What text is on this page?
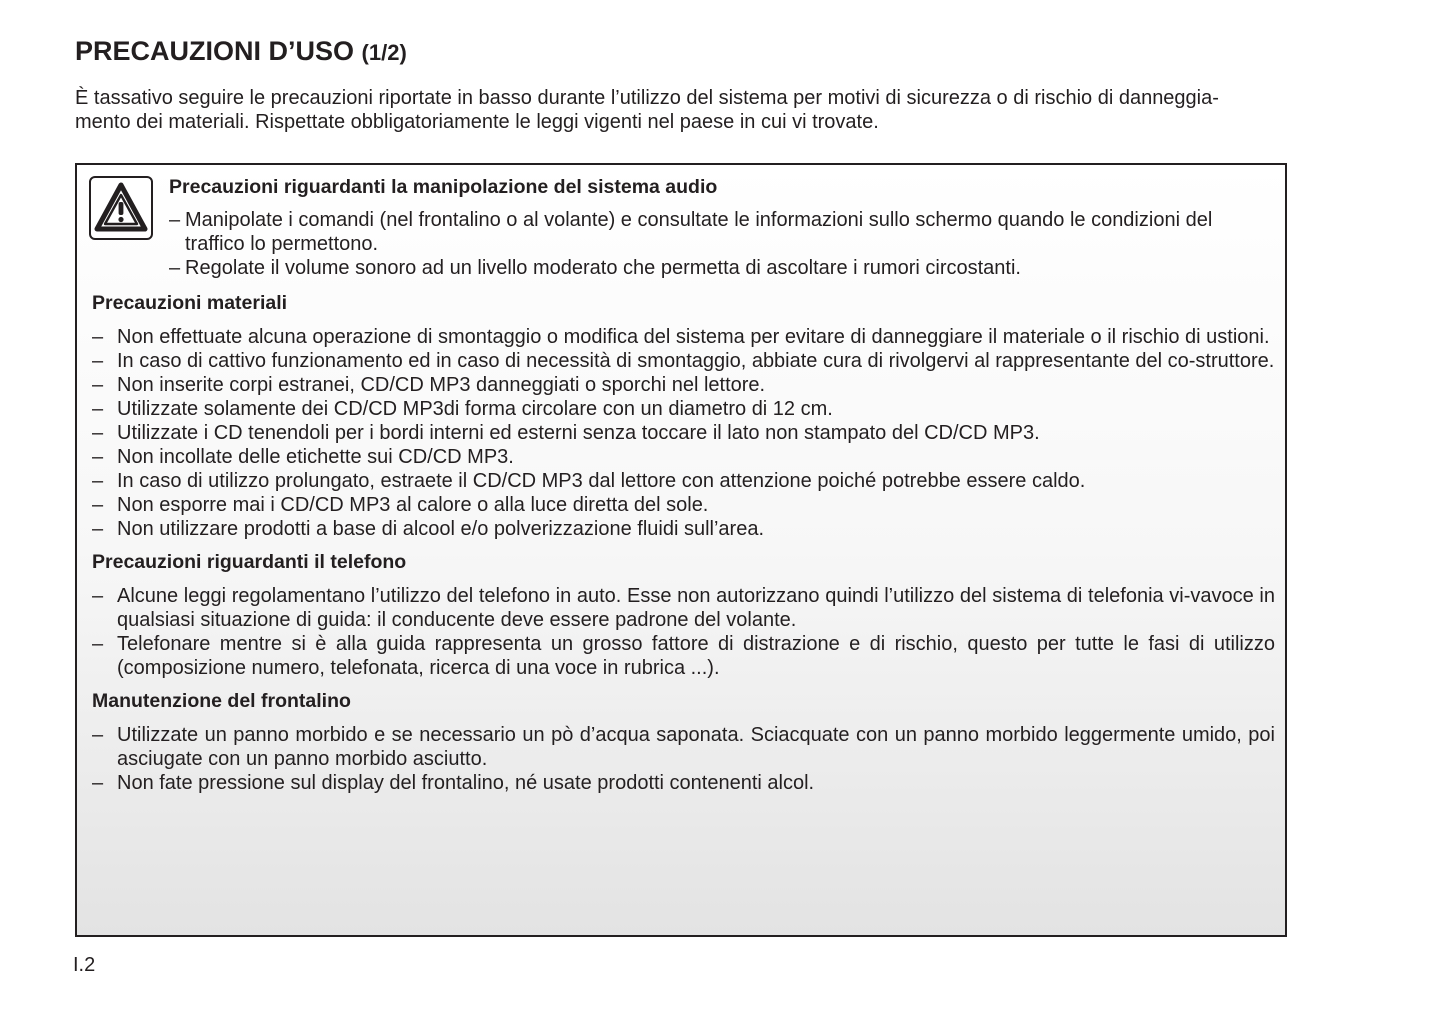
PRECAUZIONI D’USO (1/2)

È tassativo seguire le precauzioni riportate in basso durante l’utilizzo del sistema per motivi di sicurezza o di rischio di danneggia-

mento dei materiali. Rispettate obbligatoriamente le leggi vigenti nel paese in cui vi trovate.

Precauzioni riguardanti la manipolazione del sistema audio

– Manipolate i comandi (nel frontalino o al volante) e consultate le informazioni sullo schermo quando le condizioni del traffico lo permettono.
– Regolate il volume sonoro ad un livello moderato che permetta di ascoltare i rumori circostanti.

Precauzioni materiali

– Non effettuate alcuna operazione di smontaggio o modifica del sistema per evitare di danneggiare il materiale o il rischio di ustioni.
– In caso di cattivo funzionamento ed in caso di necessità di smontaggio, abbiate cura di rivolgervi al rappresentante del co-struttore.
– Non inserite corpi estranei, CD/CD MP3 danneggiati o sporchi nel lettore.
– Utilizzate solamente dei CD/CD MP3di forma circolare con un diametro di 12 cm.
– Utilizzate i CD tenendoli per i bordi interni ed esterni senza toccare il lato non stampato del CD/CD MP3.
– Non incollate delle etichette sui CD/CD MP3.
– In caso di utilizzo prolungato, estraete il CD/CD MP3 dal lettore con attenzione poiché potrebbe essere caldo.
– Non esporre mai i CD/CD MP3 al calore o alla luce diretta del sole.
– Non utilizzare prodotti a base di alcool e/o polverizzazione fluidi sull’area.

Precauzioni riguardanti il telefono

– Alcune leggi regolamentano l’utilizzo del telefono in auto. Esse non autorizzano quindi l’utilizzo del sistema di telefonia vi-vavoce in qualsiasi situazione di guida: il conducente deve essere padrone del volante.
– Telefonare mentre si è alla guida rappresenta un grosso fattore di distrazione e di rischio, questo per tutte le fasi di utilizzo (composizione numero, telefonata, ricerca di una voce in rubrica ...).

Manutenzione del frontalino

– Utilizzate un panno morbido e se necessario un pò d’acqua saponata. Sciacquate con un panno morbido leggermente umido, poi asciugate con un panno morbido asciutto.
– Non fate pressione sul display del frontalino, né usate prodotti contenenti alcol.
I.2
